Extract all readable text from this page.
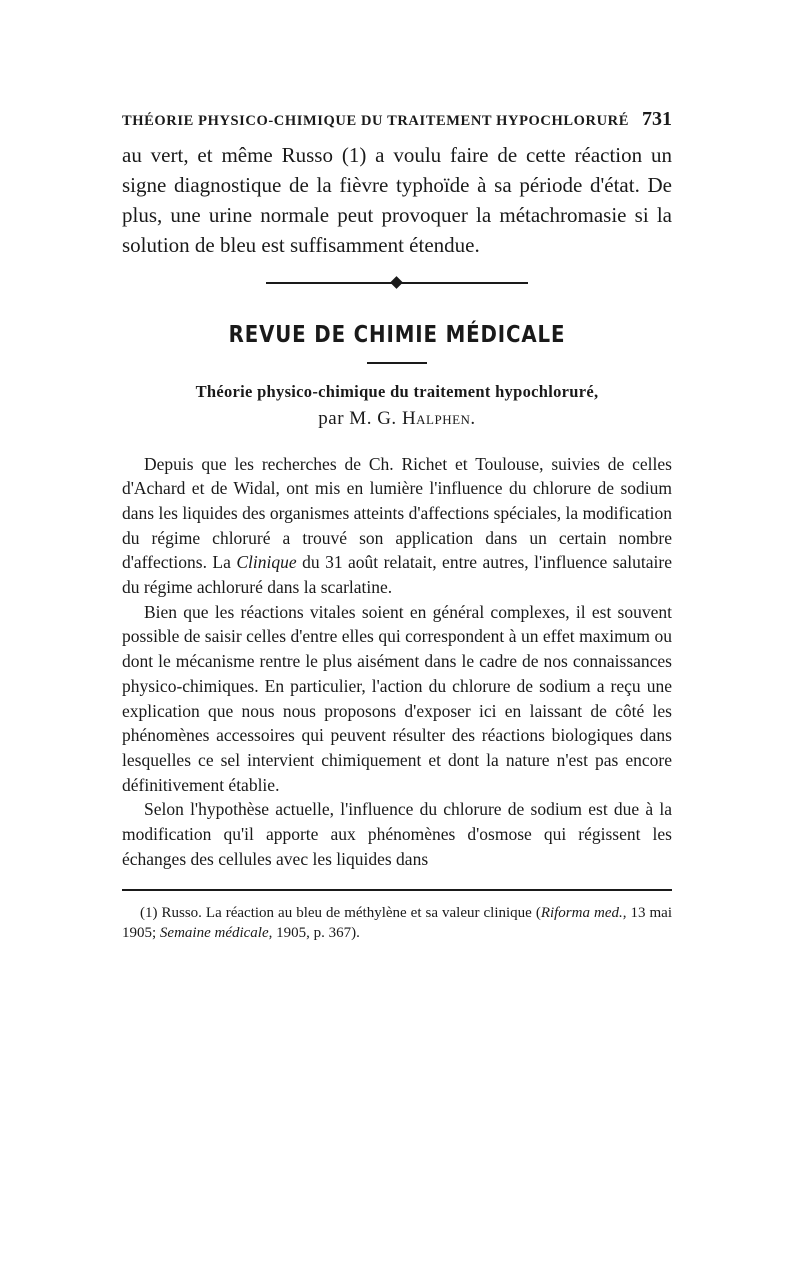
THÉORIE PHYSICO-CHIMIQUE DU TRAITEMENT HYPOCHLORURÉ 731

au vert, et même Russo (1) a voulu faire de cette réaction un signe diagnostique de la fièvre typhoïde à sa période d'état. De plus, une urine normale peut provoquer la métachromasie si la solution de bleu est suffisamment étendue.

REVUE DE CHIMIE MÉDICALE
Théorie physico-chimique du traitement hypochloruré,
par M. G. Halphen.

Depuis que les recherches de Ch. Richet et Toulouse, suivies de celles d'Achard et de Widal, ont mis en lumière l'influence du chlorure de sodium dans les liquides des organismes atteints d'affections spéciales, la modification du régime chloruré a trouvé son application dans un certain nombre d'affections. La Clinique du 31 août relatait, entre autres, l'influence salutaire du régime achloruré dans la scarlatine.

Bien que les réactions vitales soient en général complexes, il est souvent possible de saisir celles d'entre elles qui correspondent à un effet maximum ou dont le mécanisme rentre le plus aisément dans le cadre de nos connaissances physico-chimiques. En particulier, l'action du chlorure de sodium a reçu une explication que nous nous proposons d'exposer ici en laissant de côté les phénomènes accessoires qui peuvent résulter des réactions biologiques dans lesquelles ce sel intervient chimiquement et dont la nature n'est pas encore définitivement établie.

Selon l'hypothèse actuelle, l'influence du chlorure de sodium est due à la modification qu'il apporte aux phénomènes d'osmose qui régissent les échanges des cellules avec les liquides dans

(1) Russo. La réaction au bleu de méthylène et sa valeur clinique (Riforma med., 13 mai 1905; Semaine médicale, 1905, p. 367).
